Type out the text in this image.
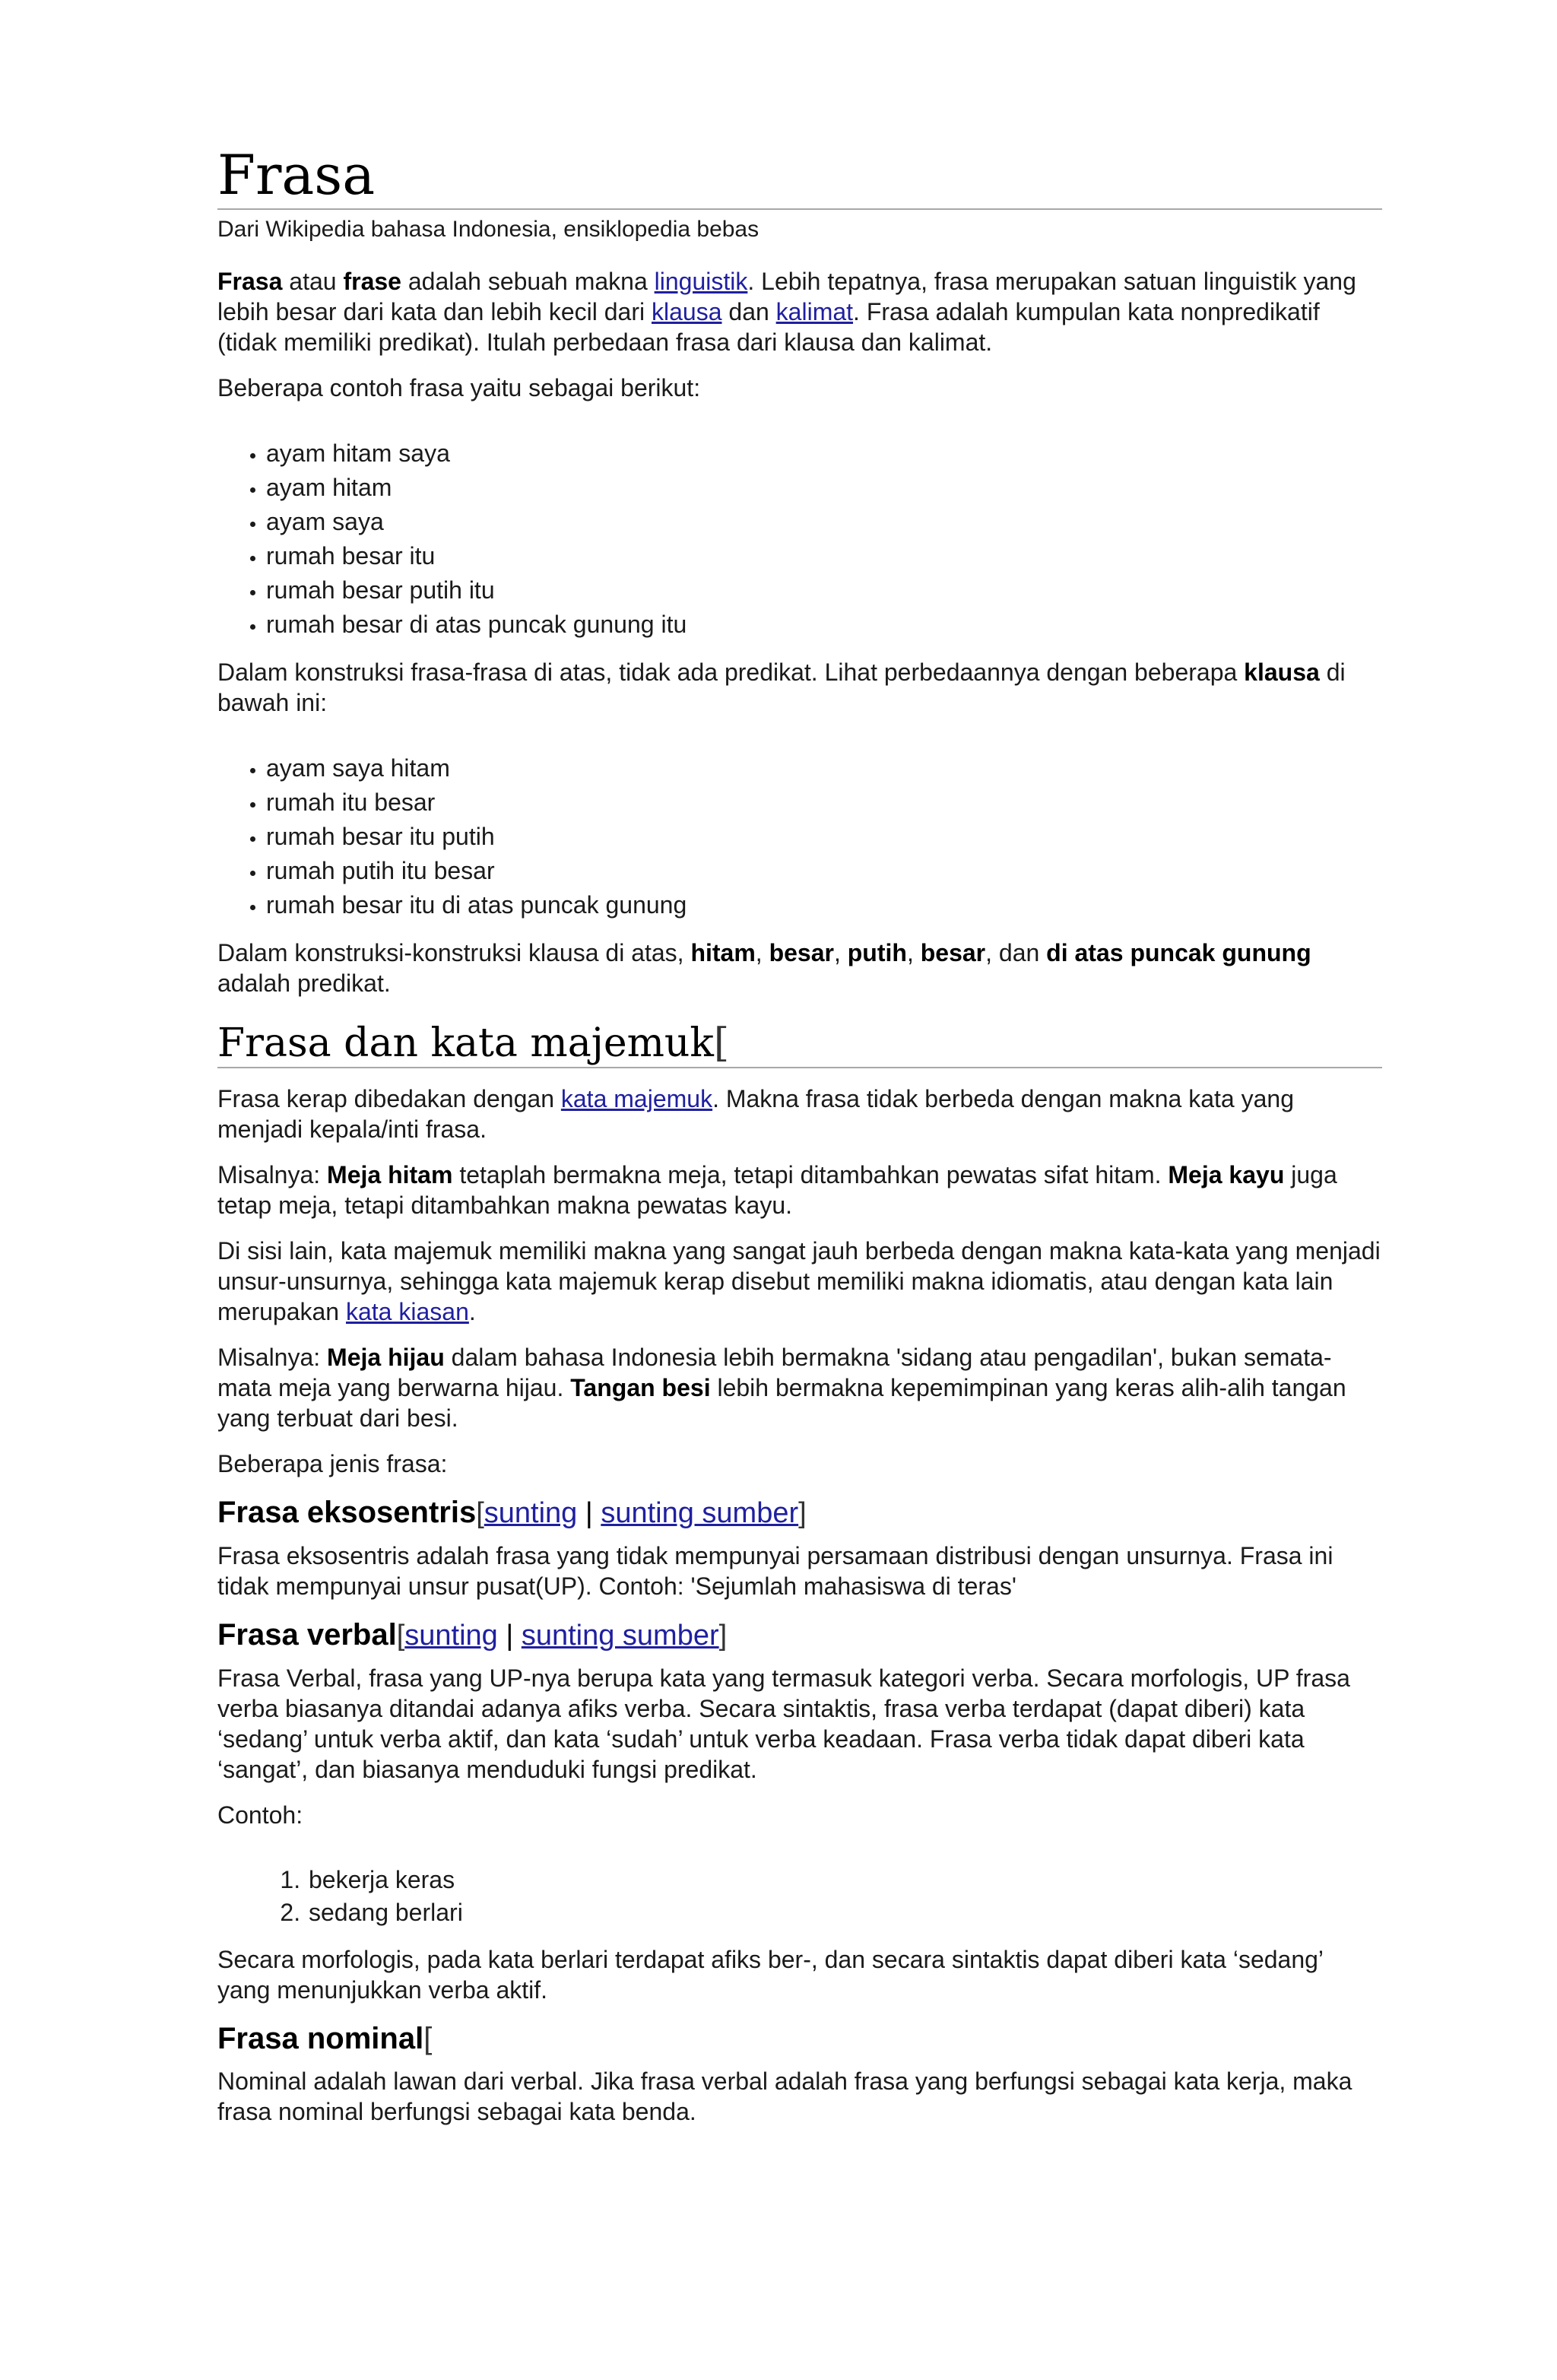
Frasa
Dari Wikipedia bahasa Indonesia, ensiklopedia bebas

Frasa atau frase adalah sebuah makna linguistik. Lebih tepatnya, frasa merupakan satuan linguistik yang lebih besar dari kata dan lebih kecil dari klausa dan kalimat. Frasa adalah kumpulan kata nonpredikatif (tidak memiliki predikat). Itulah perbedaan frasa dari klausa dan kalimat.

Beberapa contoh frasa yaitu sebagai berikut:

• ayam hitam saya
• ayam hitam
• ayam saya
• rumah besar itu
• rumah besar putih itu
• rumah besar di atas puncak gunung itu

Dalam konstruksi frasa-frasa di atas, tidak ada predikat. Lihat perbedaannya dengan beberapa klausa di bawah ini:

• ayam saya hitam
• rumah itu besar
• rumah besar itu putih
• rumah putih itu besar
• rumah besar itu di atas puncak gunung

Dalam konstruksi-konstruksi klausa di atas, hitam, besar, putih, besar, dan di atas puncak gunung adalah predikat.

Frasa dan kata majemuk[

Frasa kerap dibedakan dengan kata majemuk. Makna frasa tidak berbeda dengan makna kata yang menjadi kepala/inti frasa.

Misalnya: Meja hitam tetaplah bermakna meja, tetapi ditambahkan pewatas sifat hitam. Meja kayu juga tetap meja, tetapi ditambahkan makna pewatas kayu.

Di sisi lain, kata majemuk memiliki makna yang sangat jauh berbeda dengan makna kata-kata yang menjadi unsur-unsurnya, sehingga kata majemuk kerap disebut memiliki makna idiomatis, atau dengan kata lain merupakan kata kiasan.

Misalnya: Meja hijau dalam bahasa Indonesia lebih bermakna 'sidang atau pengadilan', bukan semata-mata meja yang berwarna hijau. Tangan besi lebih bermakna kepemimpinan yang keras alih-alih tangan yang terbuat dari besi.

Beberapa jenis frasa:

Frasa eksosentris[sunting | sunting sumber]

Frasa eksosentris adalah frasa yang tidak mempunyai persamaan distribusi dengan unsurnya. Frasa ini tidak mempunyai unsur pusat(UP). Contoh: 'Sejumlah mahasiswa di teras'

Frasa verbal[sunting | sunting sumber]

Frasa Verbal, frasa yang UP-nya berupa kata yang termasuk kategori verba. Secara morfologis, UP frasa verba biasanya ditandai adanya afiks verba. Secara sintaktis, frasa verba terdapat (dapat diberi) kata ‘sedang’ untuk verba aktif, dan kata ‘sudah’ untuk verba keadaan. Frasa verba tidak dapat diberi kata ‘sangat’, dan biasanya menduduki fungsi predikat.

Contoh:

1. bekerja keras
2. sedang berlari

Secara morfologis, pada kata berlari terdapat afiks ber-, dan secara sintaktis dapat diberi kata ‘sedang’ yang menunjukkan verba aktif.

Frasa nominal[

Nominal adalah lawan dari verbal. Jika frasa verbal adalah frasa yang berfungsi sebagai kata kerja, maka frasa nominal berfungsi sebagai kata benda.
